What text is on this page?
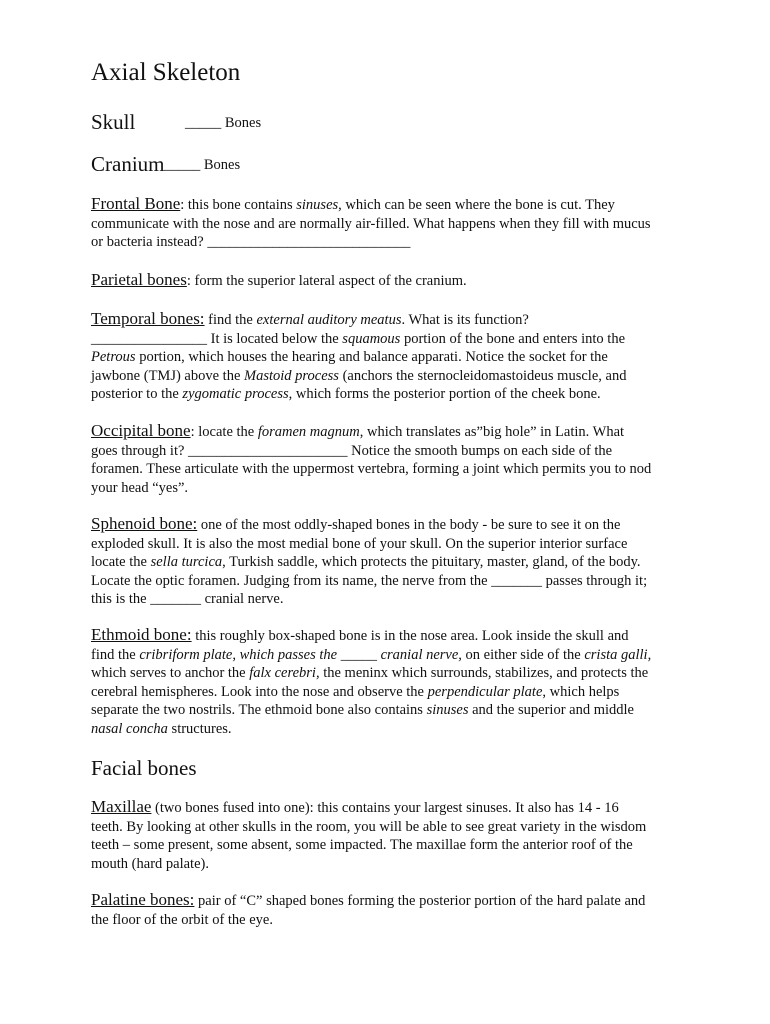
Axial Skeleton
Skull	_____ Bones
Cranium _____ Bones
Frontal Bone: this bone contains sinuses, which can be seen where the bone is cut. They
communicate with the nose and are normally air-filled. What happens when they fill with mucus
or bacteria instead? ____________________________
Parietal bones: form the superior lateral aspect of the cranium.
Temporal bones: find the external auditory meatus. What is its function?
________________ It is located below the squamous portion of the bone and enters into the
Petrous portion, which houses the hearing and balance apparati. Notice the socket for the
jawbone (TMJ) above the Mastoid process (anchors the sternocleidomastoideus muscle, and
posterior to the zygomatic process, which forms the posterior portion of the cheek bone.
Occipital bone: locate the foramen magnum, which translates as”big hole” in Latin. What
goes through it? ______________________ Notice the smooth bumps on each side of the
foramen. These articulate with the uppermost vertebra, forming a joint which permits you to nod
your head “yes”.
Sphenoid bone: one of the most oddly-shaped bones in the body - be sure to see it on the
exploded skull. It is also the most medial bone of your skull. On the superior interior surface
locate the sella turcica, Turkish saddle, which protects the pituitary, master, gland, of the body.
Locate the optic foramen. Judging from its name, the nerve from the _______ passes through it;
this is the _______ cranial nerve.
Ethmoid bone: this roughly box-shaped bone is in the nose area. Look inside the skull and
find the cribriform plate, which passes the _____ cranial nerve, on either side of the crista galli,
which serves to anchor the falx cerebri, the meninx which surrounds, stabilizes, and protects the
cerebral hemispheres. Look into the nose and observe the perpendicular plate, which helps
separate the two nostrils. The ethmoid bone also contains sinuses and the superior and middle
nasal concha structures.
Facial bones
Maxillae (two bones fused into one): this contains your largest sinuses. It also has 14 - 16
teeth. By looking at other skulls in the room, you will be able to see great variety in the wisdom
teeth – some present, some absent, some impacted. The maxillae form the anterior roof of the
mouth (hard palate).
Palatine bones: pair of “C” shaped bones forming the posterior portion of the hard palate and
the floor of the orbit of the eye.
